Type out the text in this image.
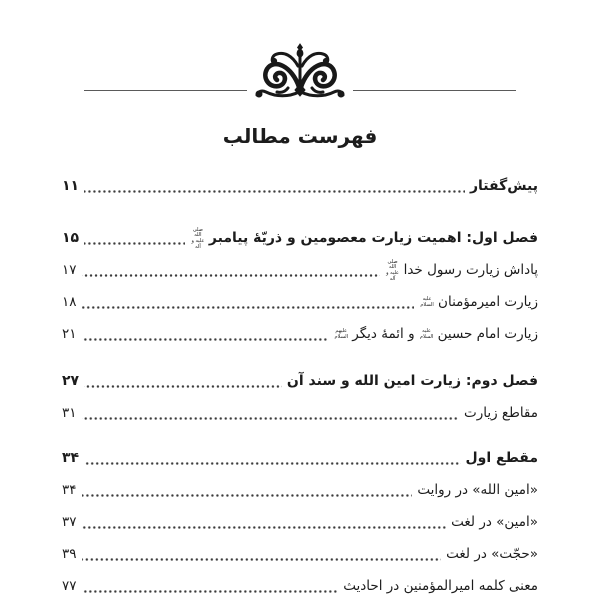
فهرست مطالب
پیش‌گفتار
۱۱
فصل اول: اهمیت زیارت معصومین و ذریّۀ پیامبر
صلی الله علیه و آله
۱۵
پاداش زیارت رسول خدا
صلی الله علیه و آله
۱۷
زیارت امیرمؤمنان
علیه السلام
۱۸
زیارت امام حسین
علیه السلام
و ائمۀ دیگر
علیهم السلام
۲۱
فصل دوم: زیارت امین الله و سند آن
۲۷
مقاطع زیارت
۳۱
مقطع اول
۳۴
«امین الله» در روایت
۳۴
«امین» در لغت
۳۷
«حجّت» در لغت
۳۹
معنی کلمه امیرالمؤمنین در احادیث
۷۷
